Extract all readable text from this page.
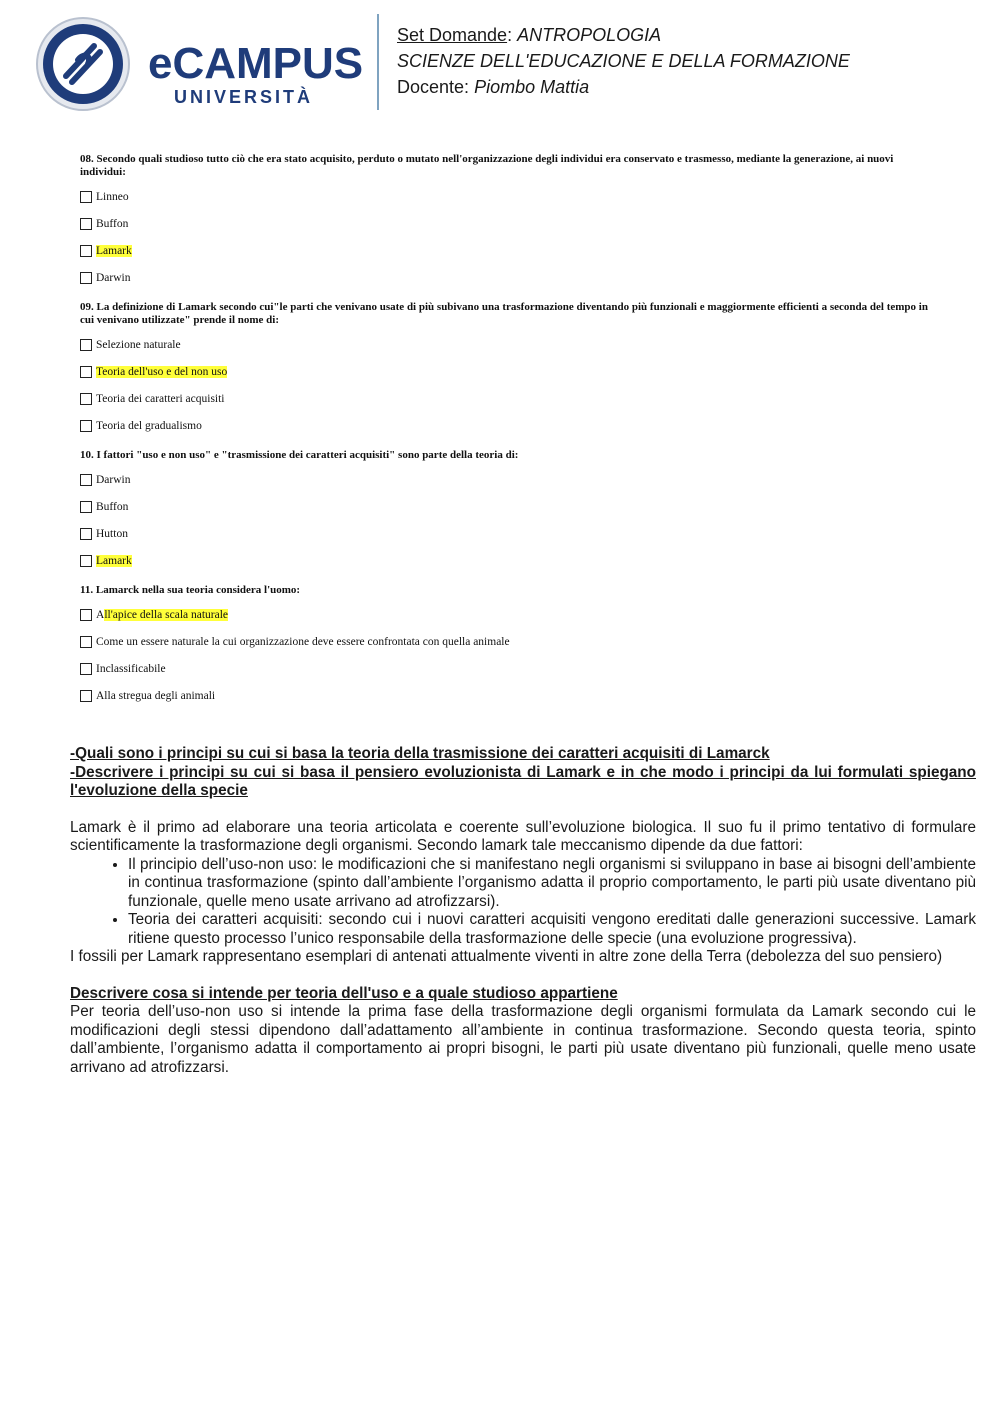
eCAMPUS
UNIVERSITÀ
Set Domande: ANTROPOLOGIA
SCIENZE DELL'EDUCAZIONE E DELLA FORMAZIONE
Docente: Piombo Mattia

08. Secondo quali studioso tutto ciò che era stato acquisito, perduto o mutato nell'organizzazione degli individui era conservato e trasmesso, mediante la generazione, ai nuovi individui:

Linneo
Buffon
Lamark
Darwin

09. La definizione di Lamark secondo cui"le parti che venivano usate di più subivano una trasformazione diventando più funzionali e maggiormente efficienti a seconda del tempo in cui venivano utilizzate" prende il nome di:

Selezione naturale
Teoria dell'uso e del non uso
Teoria dei caratteri acquisiti
Teoria del gradualismo

10. I fattori "uso e non uso" e "trasmissione dei caratteri acquisiti" sono parte della teoria di:

Darwin
Buffon
Hutton
Lamark

11. Lamarck nella sua teoria considera l'uomo:

A ll'apice della scala naturale
Come un essere naturale la cui organizzazione deve essere confrontata con quella animale
Inclassificabile
Alla stregua degli animali

-Quali sono i principi su cui si basa la teoria della trasmissione dei caratteri acquisiti di Lamarck

-Descrivere i principi su cui si basa il pensiero evoluzionista di Lamark e in che modo i principi da lui formulati spiegano l'evoluzione della specie

Lamark è il primo ad elaborare una teoria articolata e coerente sull’evoluzione biologica. Il suo fu il primo tentativo di formulare scientificamente la trasformazione degli organismi. Secondo lamark tale meccanismo dipende da due fattori:

• Il principio dell’uso-non uso: le modificazioni che si manifestano negli organismi si sviluppano in base ai bisogni dell’ambiente in continua trasformazione (spinto dall’ambiente l’organismo adatta il proprio comportamento, le parti più usate diventano più funzionale, quelle meno usate arrivano ad atrofizzarsi).
• Teoria dei caratteri acquisiti: secondo cui i nuovi caratteri acquisiti vengono ereditati dalle generazioni successive. Lamark ritiene questo processo l’unico responsabile della trasformazione delle specie (una evoluzione progressiva).

I fossili per Lamark rappresentano esemplari di antenati attualmente viventi in altre zone della Terra (debolezza del suo pensiero)

Descrivere cosa si intende per teoria dell'uso e a quale studioso appartiene

Per teoria dell’uso-non uso si intende la prima fase della trasformazione degli organismi formulata da Lamark secondo cui le modificazioni degli stessi dipendono dall’adattamento all’ambiente in continua trasformazione. Secondo questa teoria, spinto dall’ambiente, l’organismo adatta il comportamento ai propri bisogni, le parti più usate diventano più funzionali, quelle meno usate arrivano ad atrofizzarsi.
